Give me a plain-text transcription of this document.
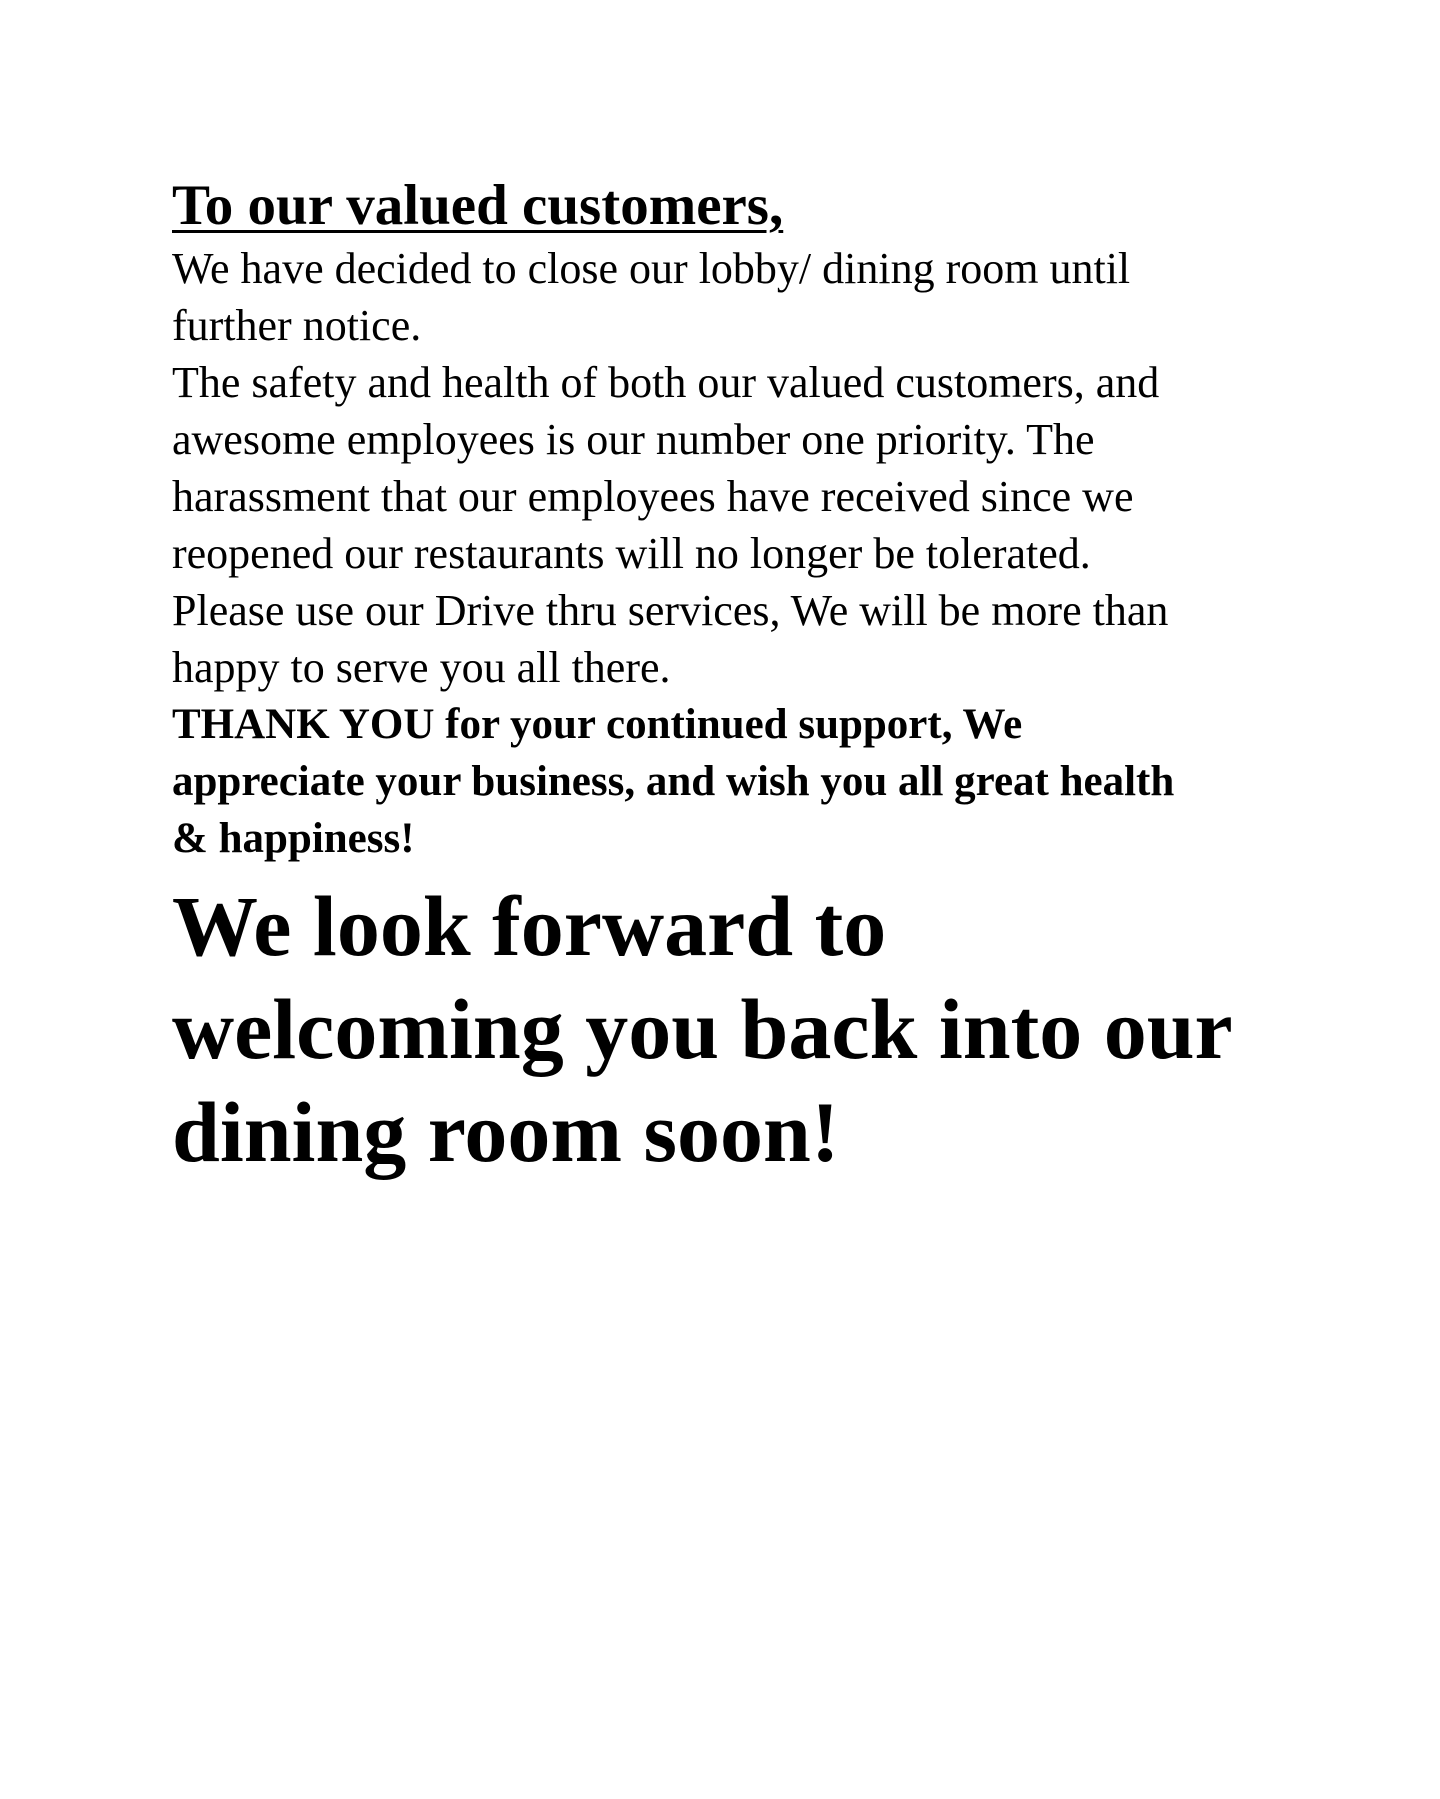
To our valued customers,
We have decided to close our lobby/ dining room until
further notice.
The safety and health of both our valued customers, and
awesome employees is our number one priority. The
harassment that our employees have received since we
reopened our restaurants will no longer be tolerated.
Please use our Drive thru services, We will be more than
happy to serve you all there.
THANK YOU for your continued support, We
appreciate your business, and wish you all great health
& happiness!
We look forward to
welcoming you back into our
dining room soon!
